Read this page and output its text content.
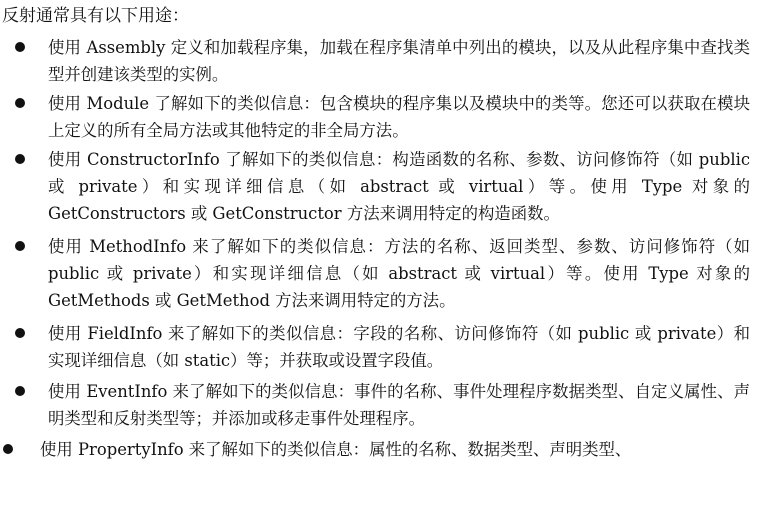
反射通常具有以下用途：
使用 Assembly 定义和加载程序集，加载在程序集清单中列出的模块，以及从此程序集中查找类型并创建该类型的实例。
使用 Module 了解如下的类似信息：包含模块的程序集以及模块中的类等。您还可以获取在模块上定义的所有全局方法或其他特定的非全局方法。
使用 ConstructorInfo 了解如下的类似信息：构造函数的名称、参数、访问修饰符（如 public 或 private）和实现详细信息（如 abstract 或 virtual）等。使用 Type 对象的 GetConstructors 或 GetConstructor 方法来调用特定的构造函数。
使用 MethodInfo 来了解如下的类似信息：方法的名称、返回类型、参数、访问修饰符（如 public 或 private）和实现详细信息（如 abstract 或 virtual）等。使用 Type 对象的 GetMethods 或 GetMethod 方法来调用特定的方法。
使用 FieldInfo 来了解如下的类似信息：字段的名称、访问修饰符（如 public 或 private）和实现详细信息（如 static）等；并获取或设置字段值。
使用 EventInfo 来了解如下的类似信息：事件的名称、事件处理程序数据类型、自定义属性、声明类型和反射类型等；并添加或移走事件处理程序。
使用 PropertyInfo 来了解如下的类似信息：属性的名称、数据类型、声明类型、
